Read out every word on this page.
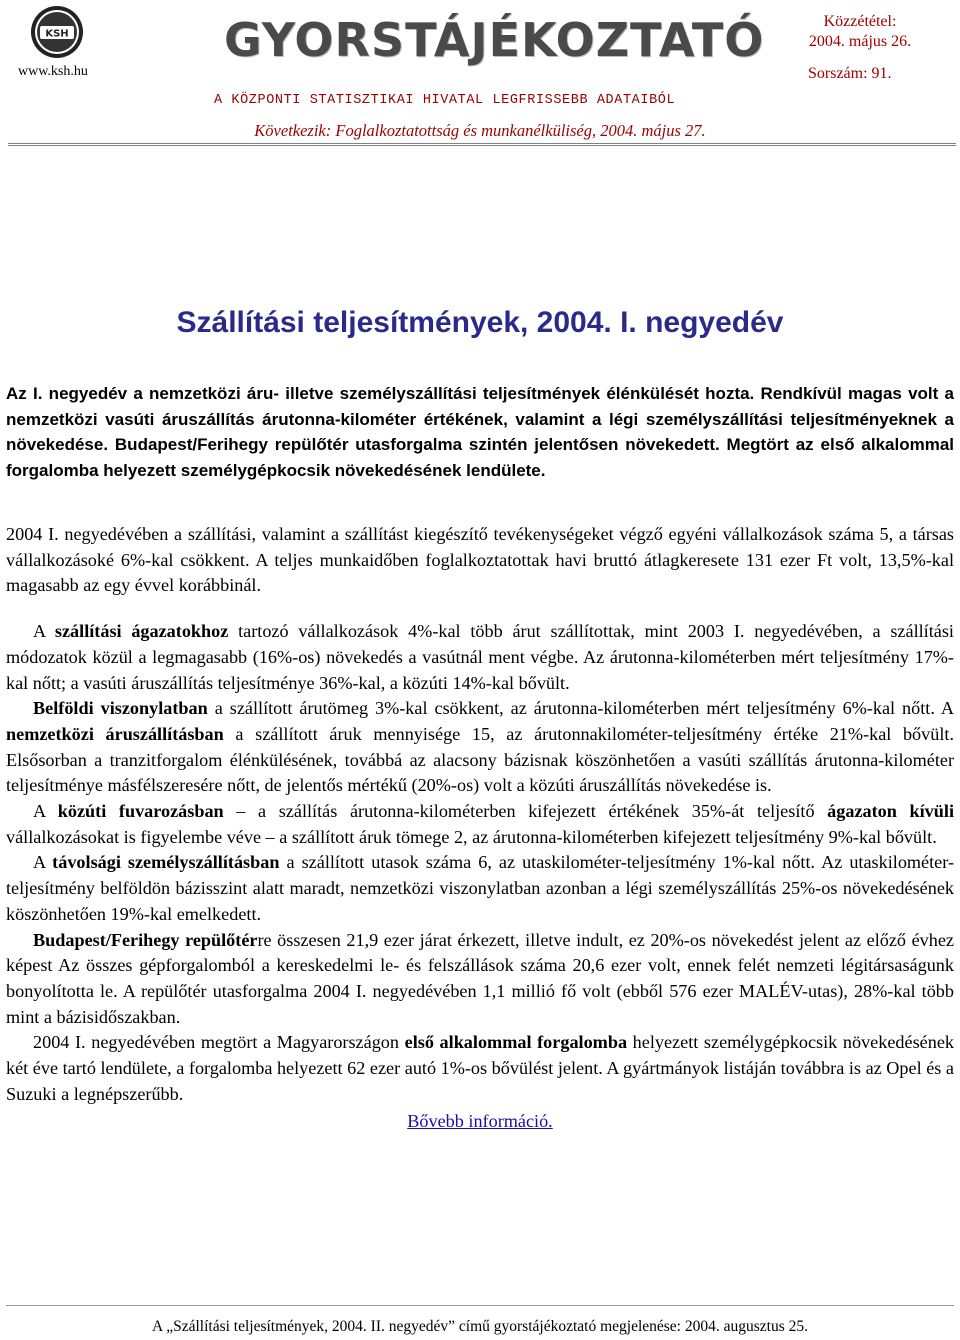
KSH
www.ksh.hu
GYORSTÁJÉKOZTATÓ
A KÖZPONTI STATISZTIKAI HIVATAL LEGFRISSEBB ADATAIBÓL
Közzététel:
2004. május 26.
Sorszám: 91.
Következik: Foglalkoztatottság és munkanélküliség, 2004. május 27.
Szállítási teljesítmények, 2004. I. negyedév
Az I. negyedév a nemzetközi áru- illetve személyszállítási teljesítmények élénkülését hozta. Rendkívül magas volt a nemzetközi vasúti áruszállítás árutonna-kilométer értékének, valamint a légi személyszállítási teljesítményeknek a növekedése. Budapest/Ferihegy repülőtér utasforgalma szintén jelentősen növekedett. Megtört az első alkalommal forgalomba helyezett személygépkocsik növekedésének lendülete.

2004 I. negyedévében a szállítási, valamint a szállítást kiegészítő tevékenységeket végző egyéni vállalkozások száma 5, a társas vállalkozásoké 6%-kal csökkent. A teljes munkaidőben foglalkoztatottak havi bruttó átlagkeresete 131 ezer Ft volt, 13,5%-kal magasabb az egy évvel korábbinál.

A szállítási ágazatokhoz tartozó vállalkozások 4%-kal több árut szállítottak, mint 2003 I. negyedévében, a szállítási módozatok közül a legmagasabb (16%-os) növekedés a vasútnál ment végbe. Az árutonna-kilométerben mért teljesítmény 17%-kal nőtt; a vasúti áruszállítás teljesítménye 36%-kal, a közúti 14%-kal bővült.

Belföldi viszonylatban a szállított árutömeg 3%-kal csökkent, az árutonna-kilométerben mért teljesítmény 6%-kal nőtt. A nemzetközi áruszállításban a szállított áruk mennyisége 15, az árutonnakilométer-teljesítmény értéke 21%-kal bővült. Elsősorban a tranzitforgalom élénkülésének, továbbá az alacsony bázisnak köszönhetően a vasúti szállítás árutonna-kilométer teljesítménye másfélszeresére nőtt, de jelentős mértékű (20%-os) volt a közúti áruszállítás növekedése is.

A közúti fuvarozásban – a szállítás árutonna-kilométerben kifejezett értékének 35%-át teljesítő ágazaton kívüli vállalkozásokat is figyelembe véve – a szállított áruk tömege 2, az árutonna-kilométerben kifejezett teljesítmény 9%-kal bővült.

A távolsági személyszállításban a szállított utasok száma 6, az utaskilométer-teljesítmény 1%-kal nőtt. Az utaskilométer-teljesítmény belföldön bázisszint alatt maradt, nemzetközi viszonylatban azonban a légi személyszállítás 25%-os növekedésének köszönhetően 19%-kal emelkedett.

Budapest/Ferihegy repülőtérre összesen 21,9 ezer járat érkezett, illetve indult, ez 20%-os növekedést jelent az előző évhez képest Az összes gépforgalomból a kereskedelmi le- és felszállások száma 20,6 ezer volt, ennek felét nemzeti légitársaságunk bonyolította le. A repülőtér utasforgalma 2004 I. negyedévében 1,1 millió fő volt (ebből 576 ezer MALÉV-utas), 28%-kal több mint a bázisidőszakban.

2004 I. negyedévében megtört a Magyarországon első alkalommal forgalomba helyezett személygépkocsik növekedésének két éve tartó lendülete, a forgalomba helyezett 62 ezer autó 1%-os bővülést jelent. A gyártmányok listáján továbbra is az Opel és a Suzuki a legnépszerűbb.

Bővebb információ.
A „Szállítási teljesítmények, 2004. II. negyedév” című gyorstájékoztató megjelenése: 2004. augusztus 25.
